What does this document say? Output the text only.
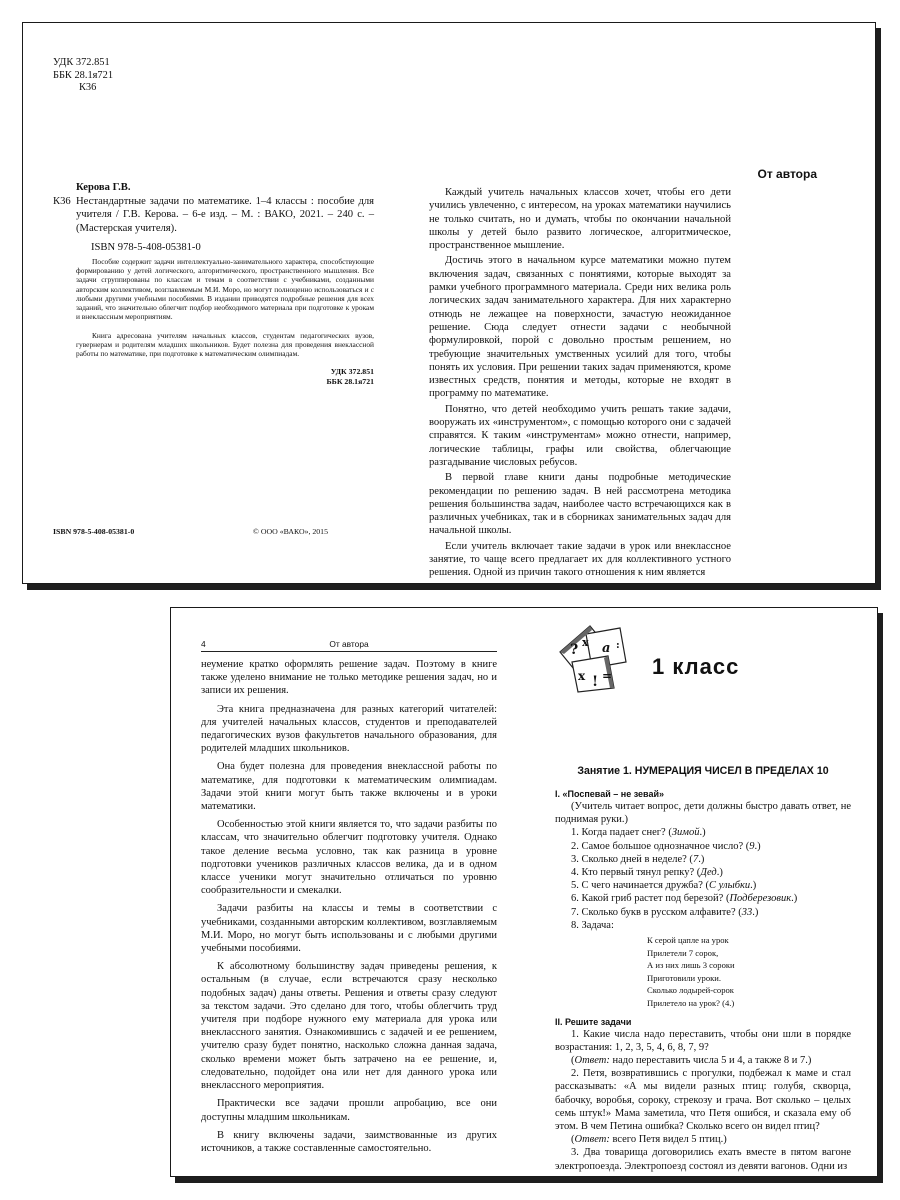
УДК 372.851

ББК 28.1я721

К36

Керова Г.В.

К36 Нестандартные задачи по математике. 1–4 классы : пособие для учителя / Г.В. Керова. – 6-е изд. – М. : ВАКО, 2021. – 240 с. – (Мастерская учителя).

ISBN 978-5-408-05381-0

Пособие содержит задачи интеллектуально-занимательного характера, способствующие формированию у детей логического, алгоритмического, пространственного мышления. Все задачи сгруппированы по классам и темам в соответствии с учебниками, созданными авторским коллективом, возглавляемым М.И. Моро, но могут полноценно использоваться и с любыми другими учебными пособиями. В издании приводятся подробные решения для всех заданий, что значительно облегчит подбор необходимого материала при подготовке к урокам и внеклассным мероприятиям.

Книга адресована учителям начальных классов, студентам педагогических вузов, гувернерам и родителям младших школьников. Будет полезна для проведения внеклассной работы по математике, при подготовке к математическим олимпиадам.

УДК 372.851

ББК 28.1я721

ISBN 978-5-408-05381-0	© ООО «ВАКО», 2015

От автора

Каждый учитель начальных классов хочет, чтобы его дети учились увлеченно, с интересом, на уроках математики научились не только считать, но и думать, чтобы по окончании начальной школы у детей было развито логическое, алгоритмическое, пространственное мышление.

Достичь этого в начальном курсе математики можно путем включения задач, связанных с понятиями, которые выходят за рамки учебного программного материала. Среди них велика роль логических задач занимательного характера. Для них характерно отнюдь не лежащее на поверхности, зачастую неожиданное решение. Сюда следует отнести задачи с необычной формулировкой, порой с довольно простым решением, но требующие значительных умственных усилий для того, чтобы понять их условия. При решении таких задач применяются, кроме известных средств, понятия и методы, которые не входят в программу по математике.

Понятно, что детей необходимо учить решать такие задачи, вооружать их «инструментом», с помощью которого они с задачей справятся. К таким «инструментам» можно отнести, например, логические таблицы, графы или свойства, облегчающие разгадывание числовых ребусов.

В первой главе книги даны подробные методические рекомендации по решению задач. В ней рассмотрена методика решения большинства задач, наиболее часто встречающихся как в различных учебниках, так и в сборниках занимательных задач для начальной школы.

Если учитель включает такие задачи в урок или внеклассное занятие, то чаще всего предлагает их для коллективного устного решения. Одной из причин такого отношения к ним является

4	От автора

неумение кратко оформлять решение задач. Поэтому в книге также уделено внимание не только методике решения задач, но и записи их решения.

Эта книга предназначена для разных категорий читателей: для учителей начальных классов, студентов и преподавателей педагогических вузов факультетов начального образования, для родителей младших школьников.

Она будет полезна для проведения внеклассной работы по математике, для подготовки к математическим олимпиадам. Задачи этой книги могут быть также включены и в уроки математики.

Особенностью этой книги является то, что задачи разбиты по классам, что значительно облегчит подготовку учителя. Однако такое деление весьма условно, так как разница в уровне подготовки учеников различных классов велика, да и в одном классе ученики могут значительно отличаться по уровню сообразительности и смекалки.

Задачи разбиты на классы и темы в соответствии с учебниками, созданными авторским коллективом, возглавляемым М.И. Моро, но могут быть использованы и с любыми другими учебными пособиями.

К абсолютному большинству задач приведены решения, к остальным (в случае, если встречаются сразу несколько подобных задач) даны ответы. Решения и ответы сразу следуют за текстом задачи. Это сделано для того, чтобы облегчить труд учителя при подборе нужного ему материала для урока или внеклассного занятия. Ознакомившись с задачей и ее решением, учителю сразу будет понятно, насколько сложна данная задача, сколько времени может быть затрачено на ее решение, и, следовательно, подойдет она или нет для данного урока или внеклассного мероприятия.

Практически все задачи прошли апробацию, все они доступны младшим школьникам.

В книгу включены задачи, заимствованные из других источников, а также составленные самостоятельно.

? x a :
x ! = 1 класс

Занятие 1. НУМЕРАЦИЯ ЧИСЕЛ В ПРЕДЕЛАХ 10

I. «Поспевай – не зевай»

(Учитель читает вопрос, дети должны быстро давать ответ, не поднимая руки.)

1. Когда падает снег? (Зимой.)

2. Самое большое однозначное число? (9.)

3. Сколько дней в неделе? (7.)

4. Кто первый тянул репку? (Дед.)

5. С чего начинается дружба? (С улыбки.)

6. Какой гриб растет под березой? (Подберезовик.)

7. Сколько букв в русском алфавите? (33.)

8. Задача:

К серой цапле на урок

Прилетели 7 сорок,

А из них лишь 3 сороки

Приготовили уроки.

Сколько лодырей-сорок

Прилетело на урок? (4.)

II. Решите задачи

1. Какие числа надо переставить, чтобы они шли в порядке возрастания: 1, 2, 3, 5, 4, 6, 8, 7, 9?

(Ответ: надо переставить числа 5 и 4, а также 8 и 7.)

2. Петя, возвратившись с прогулки, подбежал к маме и стал рассказывать: «А мы видели разных птиц: голубя, скворца, бабочку, воробья, сороку, стрекозу и грача. Вот сколько – целых семь штук!» Мама заметила, что Петя ошибся, и сказала ему об этом. В чем Петина ошибка? Сколько всего он видел птиц?

(Ответ: всего Петя видел 5 птиц.)

3. Два товарища договорились ехать вместе в пятом вагоне электропоезда. Электропоезд состоял из девяти вагонов. Одни из
